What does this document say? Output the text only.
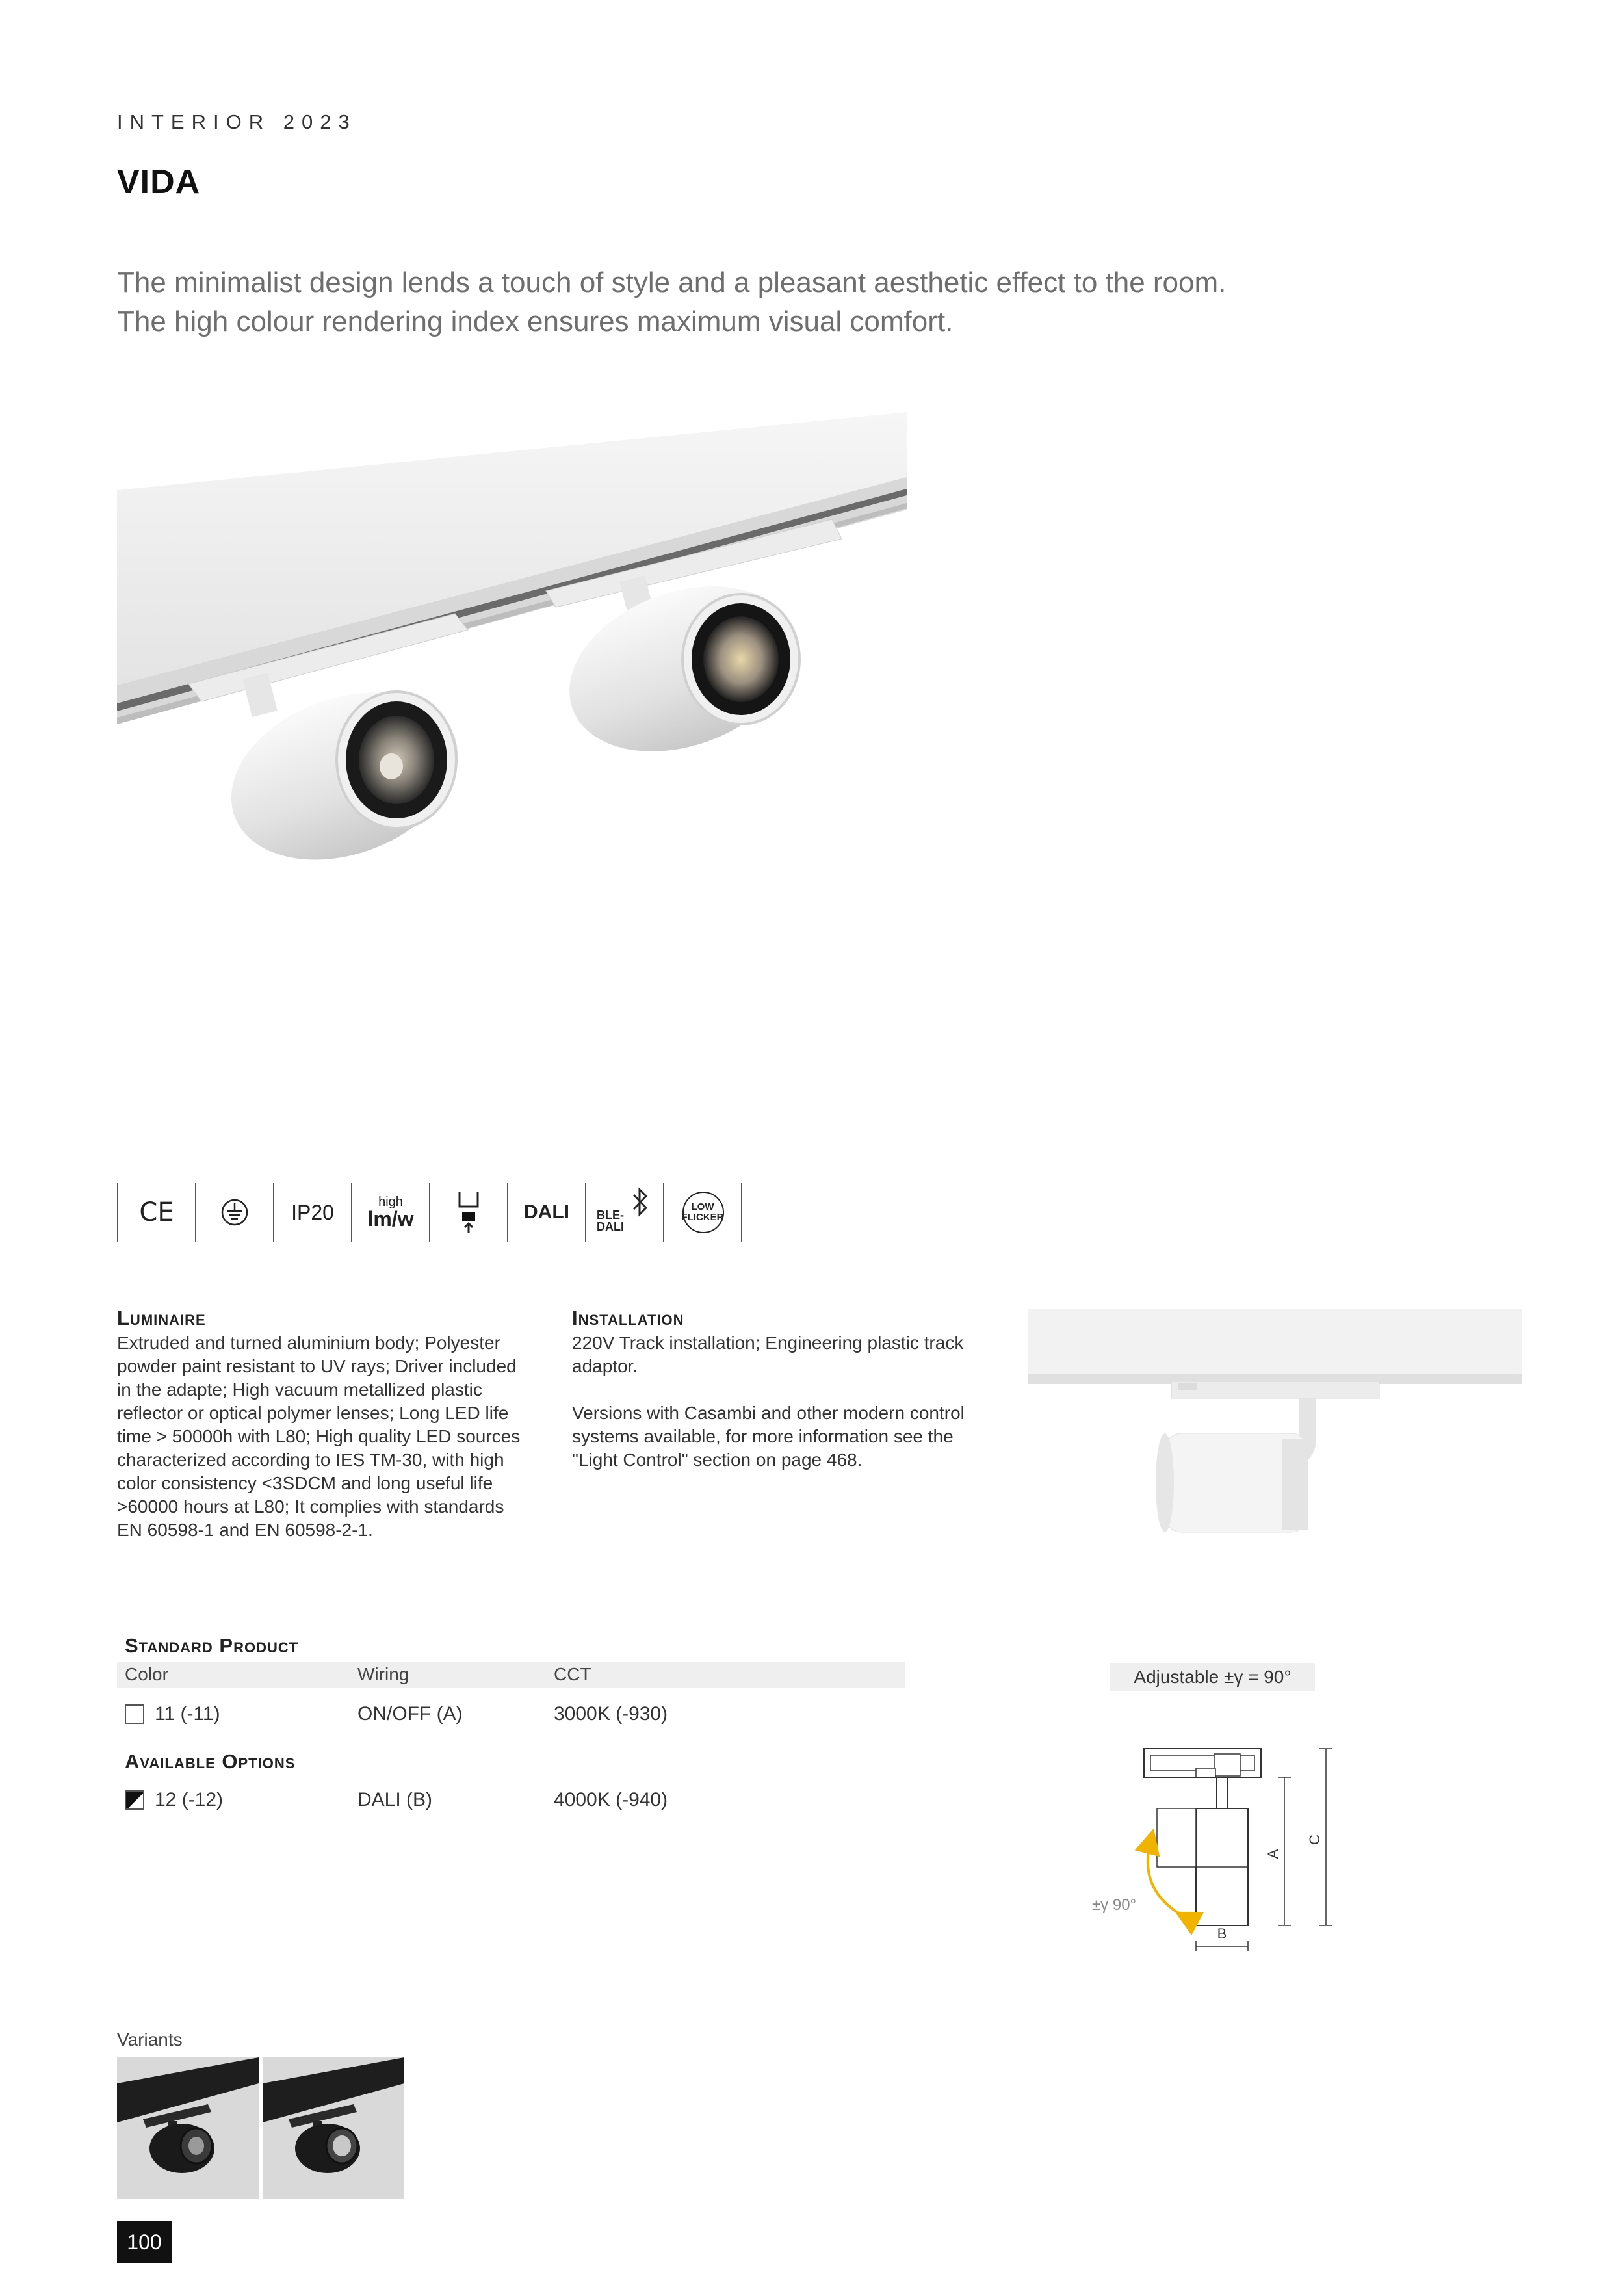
INTERIOR 2023
VIDA
The minimalist design lends a touch of style and a pleasant aesthetic effect to the room.
The high colour rendering index ensures maximum visual comfort.
CE	IP20	high
lm/w	DALI BLE-DALI
LOW
FLICKER
Luminaire
Extruded and turned aluminium body; Polyester powder paint resistant to UV rays; Driver included in the adapte; High vacuum metallized plastic reflector or optical polymer lenses; Long LED life time > 50000h with L80; High quality LED sources characterized according to IES TM-30, with high color consistency <3SDCM and long useful life >60000 hours at L80; It complies with standards EN 60598-1 and EN 60598-2-1.
Installation
220V Track installation; Engineering plastic track adaptor.
Versions with Casambi and other modern control systems available, for more information see the "Light Control" section on page 468.
Standard Product
Color	Wiring	CCT
11 (-11)	ON/OFF (A)	3000K (-930)
Available Options
12 (-12)	DALI (B)	4000K (-940)
Adjustable ±γ = 90°
A
C
B
±γ 90°
Variants
100
